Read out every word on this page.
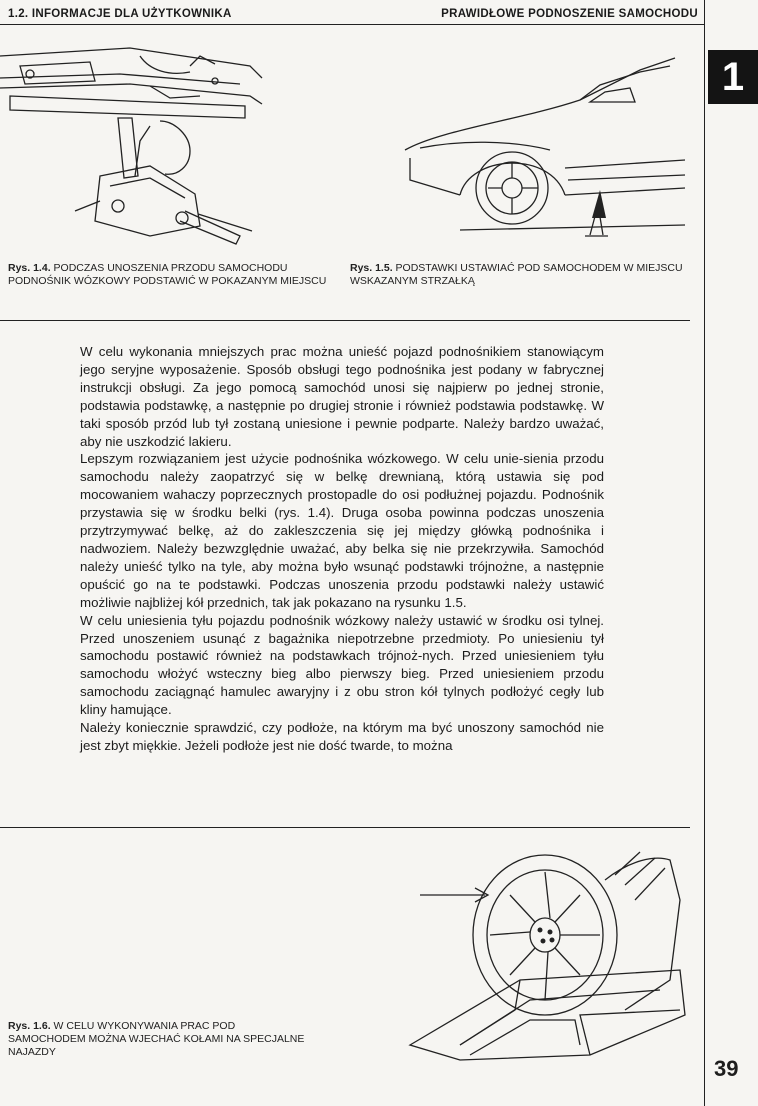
1.2. INFORMACJE DLA UŻYTKOWNIKA	PRAWIDŁOWE PODNOSZENIE SAMOCHODU
1
Rys. 1.4. PODCZAS UNOSZENIA PRZODU SAMOCHODU PODNOŚNIK WÓZKOWY PODSTAWIĆ W POKAZANYM MIEJSCU
Rys. 1.5. PODSTAWKI USTAWIAĆ POD SAMOCHODEM W MIEJSCU WSKAZANYM STRZAŁKĄ

W celu wykonania mniejszych prac można unieść pojazd podnośnikiem stanowiącym jego seryjne wyposażenie. Sposób obsługi tego podnośnika jest podany w fabrycznej instrukcji obsługi. Za jego pomocą samochód unosi się najpierw po jednej stronie, podstawia podstawkę, a następnie po drugiej stronie i również podstawia podstawkę. W taki sposób przód lub tył zostaną uniesione i pewnie podparte. Należy bardzo uważać, aby nie uszkodzić lakieru.

Lepszym rozwiązaniem jest użycie podnośnika wózkowego. W celu unie-sienia przodu samochodu należy zaopatrzyć się w belkę drewnianą, którą ustawia się pod mocowaniem wahaczy poprzecznych prostopadle do osi podłużnej pojazdu. Podnośnik przystawia się w środku belki (rys. 1.4). Druga osoba powinna podczas unoszenia przytrzymywać belkę, aż do zakleszczenia się jej między główką podnośnika i nadwoziem. Należy bezwzględnie uważać, aby belka się nie przekrzywiła. Samochód należy unieść tylko na tyle, aby można było wsunąć podstawki trójnożne, a następnie opuścić go na te podstawki. Podczas unoszenia przodu podstawki należy ustawić możliwie najbliżej kół przednich, tak jak pokazano na rysunku 1.5.

W celu uniesienia tyłu pojazdu podnośnik wózkowy należy ustawić w środku osi tylnej. Przed unoszeniem usunąć z bagażnika niepotrzebne przedmioty. Po uniesieniu tył samochodu postawić również na podstawkach trójnoż-nych. Przed uniesieniem tyłu samochodu włożyć wsteczny bieg albo pierwszy bieg. Przed uniesieniem przodu samochodu zaciągnąć hamulec awaryjny i z obu stron kół tylnych podłożyć cegły lub kliny hamujące.

Należy koniecznie sprawdzić, czy podłoże, na którym ma być unoszony samochód nie jest zbyt miękkie. Jeżeli podłoże jest nie dość twarde, to można

Rys. 1.6. W CELU WYKONYWANIA PRAC POD SAMOCHODEM MOŻNA WJECHAĆ KOŁAMI NA SPECJALNE NAJAZDY
39
